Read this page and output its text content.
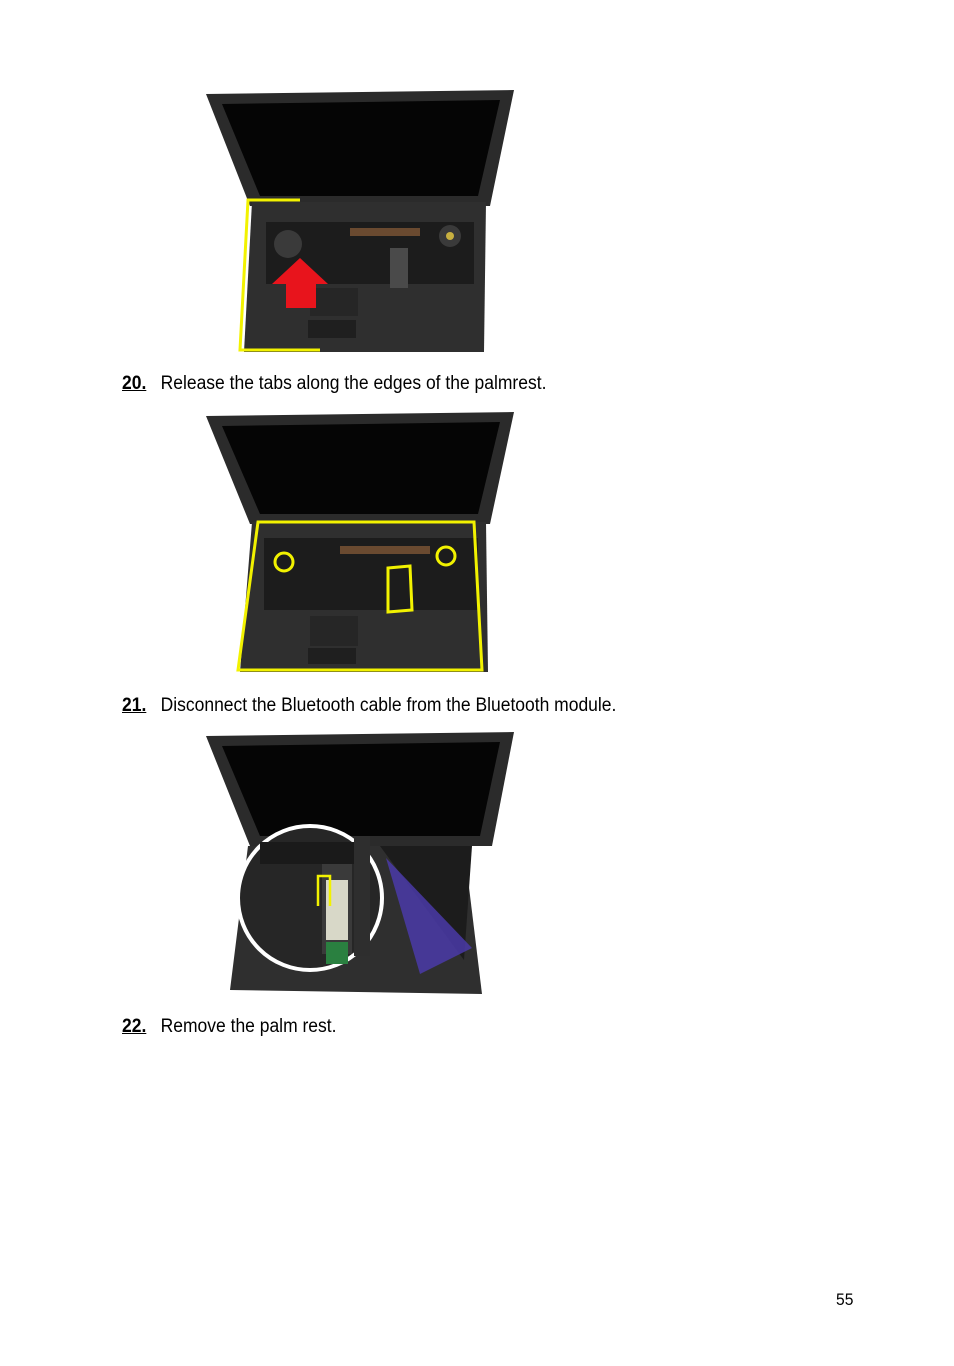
20. Release the tabs along the edges of the palmrest.
21. Disconnect the Bluetooth cable from the Bluetooth module.
22. Remove the palm rest.
55
